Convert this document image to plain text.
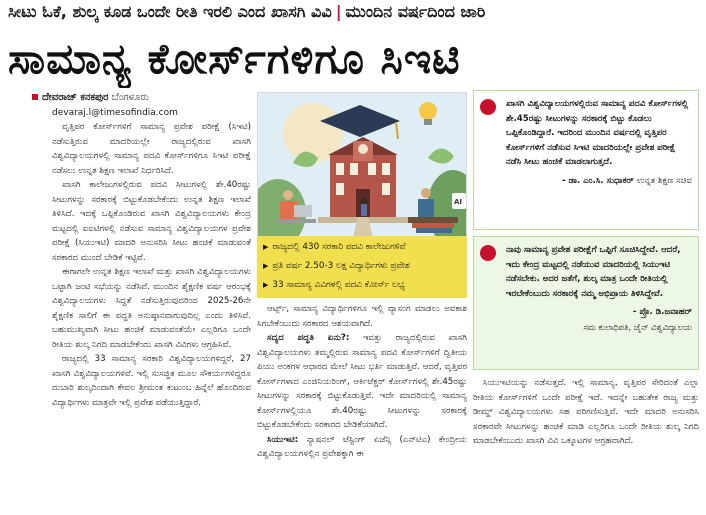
ಸೀಟು ಓಕೆ, ಶುಲ್ಕ ಕೂಡ ಒಂದೇ ರೀತಿ ಇರಲಿ ಎಂದ ಖಾಸಗಿ ವಿವಿ | ಮುಂದಿನ ವರ್ಷದಿಂದ ಜಾರಿ
ಸಾಮಾನ್ಯ ಕೋರ್ಸ್‌ಗಳಿಗೂ ಸಿಇಟಿ
ದೇವರಾಜ್ ಕನಕಪುರ ಬೆಂಗಳೂರು
devaraj.l@timesofindia.com

ವೃತ್ತಿಪರ ಕೋರ್ಸ್‌ಗಳಿಗೆ ಸಾಮಾನ್ಯ ಪ್ರವೇಶ ಪರೀಕ್ಷೆ (ಸಿಇಟಿ) ನಡೆಸುತ್ತಿರುವ ಮಾದರಿಯಲ್ಲೇ ರಾಜ್ಯದಲ್ಲಿರುವ ಖಾಸಗಿ ವಿಶ್ವವಿದ್ಯಾಲಯಗಳಲ್ಲಿ ಸಾಮಾನ್ಯ ಪದವಿ ಕೋರ್ಸ್‌ಗಳಿಗೂ ಸಿಇಟಿ ಪರೀಕ್ಷೆ ನಡೆಸಲು ಉನ್ನತ ಶಿಕ್ಷಣ ಇಲಾಖೆ ನಿರ್ಧರಿಸಿದೆ.

ಖಾಸಗಿ ಕಾಲೇಜುಗಳಲ್ಲಿರುವ ಪದವಿ ಸೀಟುಗಳಲ್ಲಿ ಶೇ.40ರಷ್ಟು ಸೀಟುಗಳನ್ನು ಸರಕಾರಕ್ಕೆ ಬಿಟ್ಟುಕೊಡಬೇಕೆಂದು ಉನ್ನತ ಶಿಕ್ಷಣ ಇಲಾಖೆ ತಿಳಿಸಿದೆ. ಇದಕ್ಕೆ ಒಪ್ಪಿಕೊಂಡಿರುವ ಖಾಸಗಿ ವಿಶ್ವವಿದ್ಯಾಲಯಗಳು ಕೇಂದ್ರ ಮಟ್ಟದಲ್ಲಿ ಐಐಟಿಗಳಲ್ಲಿ ನಡೆಸುವ ಸಾಮಾನ್ಯ ವಿಶ್ವವಿದ್ಯಾಲಯಗಳ ಪ್ರವೇಶ ಪರೀಕ್ಷೆ (ಸಿಯುಇಟಿ) ಮಾದರಿ ಅನುಸರಿಸಿ ಸೀಟು ಹಂಚಿಕೆ ಮಾಡುವಂತೆ ಸರಕಾರದ ಮುಂದೆ ಬೇಡಿಕೆ ಇಟ್ಟಿವೆ.

ಈಗಾಗಲೇ ಉನ್ನತ ಶಿಕ್ಷಣ ಇಲಾಖೆ ಮತ್ತು ಖಾಸಗಿ ವಿಶ್ವವಿದ್ಯಾಲಯಗಳು ಒಟ್ಟಾಗಿ ಜಂಟಿ ಸಭೆಯನ್ನು ನಡೆಸಿವೆ. ಮುಂದಿನ ಶೈಕ್ಷಣಿಕ ವರ್ಷ ಆರಂಭಕ್ಕೆ ವಿಶ್ವವಿದ್ಯಾಲಯಗಳು ಸಿದ್ಧತೆ ನಡೆಸುತ್ತಿರುವುದರಿಂದ 2025-26ನೇ ಶೈಕ್ಷಣಿಕ ಸಾಲಿಗೆ ಈ ಪದ್ಧತಿ ಅನುಷ್ಠಾನವಾಗುವುದಿಲ್ಲ ಎಂದು ತಿಳಿಸಿವೆ. ಬಹುಮುಖ್ಯವಾಗಿ ಸೀಟು ಹಂಚಿಕೆ ಮಾಡುವಂತೆಯೇ ಎಲ್ಲರಿಗೂ ಒಂದೇ ರೀತಿಯ ಶುಲ್ಕ ನಿಗದಿ ಮಾಡಬೇಕೆಂದು ಖಾಸಗಿ ವಿವಿಗಳು ಆಗ್ರಹಿಸಿವೆ.

ರಾಜ್ಯದಲ್ಲಿ 33 ಸಾಮಾನ್ಯ ಸರಕಾರಿ ವಿಶ್ವವಿದ್ಯಾಲಯಗಳಿದ್ದರೆ, 27 ಖಾಸಗಿ ವಿಶ್ವವಿದ್ಯಾಲಯಗಳಿವೆ. ಇಲ್ಲಿ ಸುಸಜ್ಜಿತ ಮೂಲ ಸೌಕರ್ಯಗಳಿದ್ದರೂ ದುಬಾರಿ ಶುಲ್ಕದಿಂದಾಗಿ ಕೇವಲ ಶ್ರೀಮಂತ ಕುಟುಂಬ ಹಿನ್ನೆಲೆ ಹೊಂದಿರುವ ವಿದ್ಯಾರ್ಥಿಗಳು ಮಾತ್ರವೇ ಇಲ್ಲಿ ಪ್ರವೇಶ ಪಡೆಯುತ್ತಿದ್ದಾರೆ.

AI
▶ ರಾಜ್ಯದಲ್ಲಿ 430 ಸರಕಾರಿ ಪದವಿ ಕಾಲೇಜುಗಳಿವೆ
▶ ಪ್ರತಿ ವರ್ಷ 2.50-3 ಲಕ್ಷ ವಿದ್ಯಾರ್ಥಿಗಳು ಪ್ರವೇಶ
▶ 33 ಸಾಮಾನ್ಯ ವಿವಿಗಳಲ್ಲಿ ಪದವಿ ಕೋರ್ಸ್ ಲಭ್ಯ

ಆರ್ಟ್ಸ್, ಸಾಮಾನ್ಯ ವಿದ್ಯಾರ್ಥಿಗಳಿಗೂ ಇಲ್ಲಿ ವ್ಯಾಸಂಗ ಮಾಡಲು ಅವಕಾಶ ಸಿಗಬೇಕೆಂಬುದು ಸರಕಾರದ ಆಶಯವಾಗಿದೆ.

ಸದ್ಯದ ಪದ್ಧತಿ ಏನು?: ಇವತ್ತು ರಾಜ್ಯದಲ್ಲಿರುವ ಖಾಸಗಿ ವಿಶ್ವವಿದ್ಯಾಲಯಗಳು ತಮ್ಮಲ್ಲಿರುವ ಸಾಮಾನ್ಯ ಪದವಿ ಕೋರ್ಸ್‌ಗಳಿಗೆ ದ್ವಿತೀಯ ಪಿಯು ಅಂಕಗಳ ಆಧಾರದ ಮೇಲೆ ಸೀಟು ಭರ್ತಿ ಮಾಡುತ್ತಿವೆ. ಆದರೆ, ವೃತ್ತಿಪರ ಕೋರ್ಸ್‌ಗಳಾದ ಎಂಜಿನಿಯರಿಂಗ್, ಆರ್ಕಿಟೆಕ್ಚರ್ ಕೋರ್ಸ್‌ಗಳಲ್ಲಿ ಶೇ.45ರಷ್ಟು ಸೀಟುಗಳನ್ನು ಸರಕಾರಕ್ಕೆ ಬಿಟ್ಟುಕೊಡುತ್ತಿವೆ. ಇದೇ ಮಾದರಿಯಲ್ಲಿ ಸಾಮಾನ್ಯ ಕೋರ್ಸ್‌ಗಳಲ್ಲಿಯೂ ಶೇ.40ರಷ್ಟು ಸೀಟುಗಳನ್ನು ಸರಕಾರಕ್ಕೆ ಬಿಟ್ಟುಕೊಡಬೇಕೆಂದು ಸರಕಾರದ ಬೇಡಿಕೆಯಾಗಿದೆ.

ಸಿಯುಇಟಿ: ನ್ಯಾಷನಲ್ ಟೆಸ್ಟಿಂಗ್ ಏಜೆನ್ಸಿ (ಎನ್‌ಟಿಎ) ಕೇಂದ್ರೀಯ ವಿಶ್ವವಿದ್ಯಾಲಯಗಳಲ್ಲಿನ ಪ್ರವೇಶಕ್ಕಾಗಿ ಈ

ಖಾಸಗಿ ವಿಶ್ವವಿದ್ಯಾಲಯಗಳಲ್ಲಿರುವ ಸಾಮಾನ್ಯ ಪದವಿ ಕೋರ್ಸ್‌ಗಳಲ್ಲಿ ಶೇ.45ರಷ್ಟು ಸೀಟುಗಳನ್ನು ಸರಕಾರಕ್ಕೆ ಬಿಟ್ಟು ಕೊಡಲು ಒಪ್ಪಿಕೊಂಡಿದ್ದಾರೆ. ಇದರಿಂದ ಮುಂದಿನ ವರ್ಷದಲ್ಲಿ ವೃತ್ತಿಪರ ಕೋರ್ಸ್‌ಗಳಿಗೆ ನಡೆಸುವ ಸಿಇಟಿ ಮಾದರಿಯಲ್ಲೇ ಪ್ರವೇಶ ಪರೀಕ್ಷೆ ನಡೆಸಿ ಸೀಟು ಹಂಚಿಕೆ ಮಾಡಲಾಗುತ್ತದೆ.
- ಡಾ. ಎಂ.ಸಿ. ಸುಧಾಕರ್ ಉನ್ನತ ಶಿಕ್ಷಣ ಸಚಿವ
ನಾವು ಸಾಮಾನ್ಯ ಪ್ರವೇಶ ಪರೀಕ್ಷೆಗೆ ಒಪ್ಪಿಗೆ ಸೂಚಿಸಿದ್ದೇವೆ. ಆದರೆ, ಇದು ಕೇಂದ್ರ ಮಟ್ಟದಲ್ಲಿ ನಡೆಯುವ ಮಾದರಿಯಲ್ಲಿ ಸಿಯುಇಟಿ ನಡೆಸಬೇಕು. ಅದರ ಜತೆಗೆ, ಶುಲ್ಕ ಮಾತ್ರ ಒಂದೇ ರೀತಿಯಲ್ಲಿ ಇರಬೇಕೆಂಬುದು ಸರಕಾರಕ್ಕೆ ನಮ್ಮ ಅಭಿಪ್ರಾಯ ತಿಳಿಸಿದ್ದೇವೆ.
- ಪ್ರೊ. ಡಿ.ಜವಾಹರ್
ಸಮ ಕುಲಾಧಿಪತಿ, ಜೈನ್ ವಿಶ್ವವಿದ್ಯಾಲಯ

ಸಿಯುಇಟಿಯನ್ನು ನಡೆಸುತ್ತದೆ. ಇಲ್ಲಿ ಸಾಮಾನ್ಯ, ವೃತ್ತಿಪರ ಸೇರಿದಂತೆ ಎಲ್ಲಾ ರೀತಿಯ ಕೋರ್ಸ್‌ಗಳಿಗೆ ಒಂದೇ ಪರೀಕ್ಷೆ ಇದೆ. ಇದನ್ನೇ ಬಹುತೇಕ ರಾಜ್ಯ ಮತ್ತು ಡೀಮ್ಡ್ ವಿಶ್ವವಿದ್ಯಾಲಯಗಳು ಸಹ ಪರಿಗಣಿಸುತ್ತಿವೆ. ಇದೇ ಮಾದರಿ ಅನುಸರಿಸಿ ಸರಕಾರವೇ ಸೀಟುಗಳನ್ನು ಹಂಚಿಕೆ ಮಾಡಿ ಎಲ್ಲರಿಗೂ ಒಂದೇ ರೀತಿಯ ಶುಲ್ಕ ನಿಗದಿ ಮಾಡಬೇಕೆಂಬುದು ಖಾಸಗಿ ವಿವಿ ಒಕ್ಕೂಟಗಳ ಆಗ್ರಹವಾಗಿದೆ.
